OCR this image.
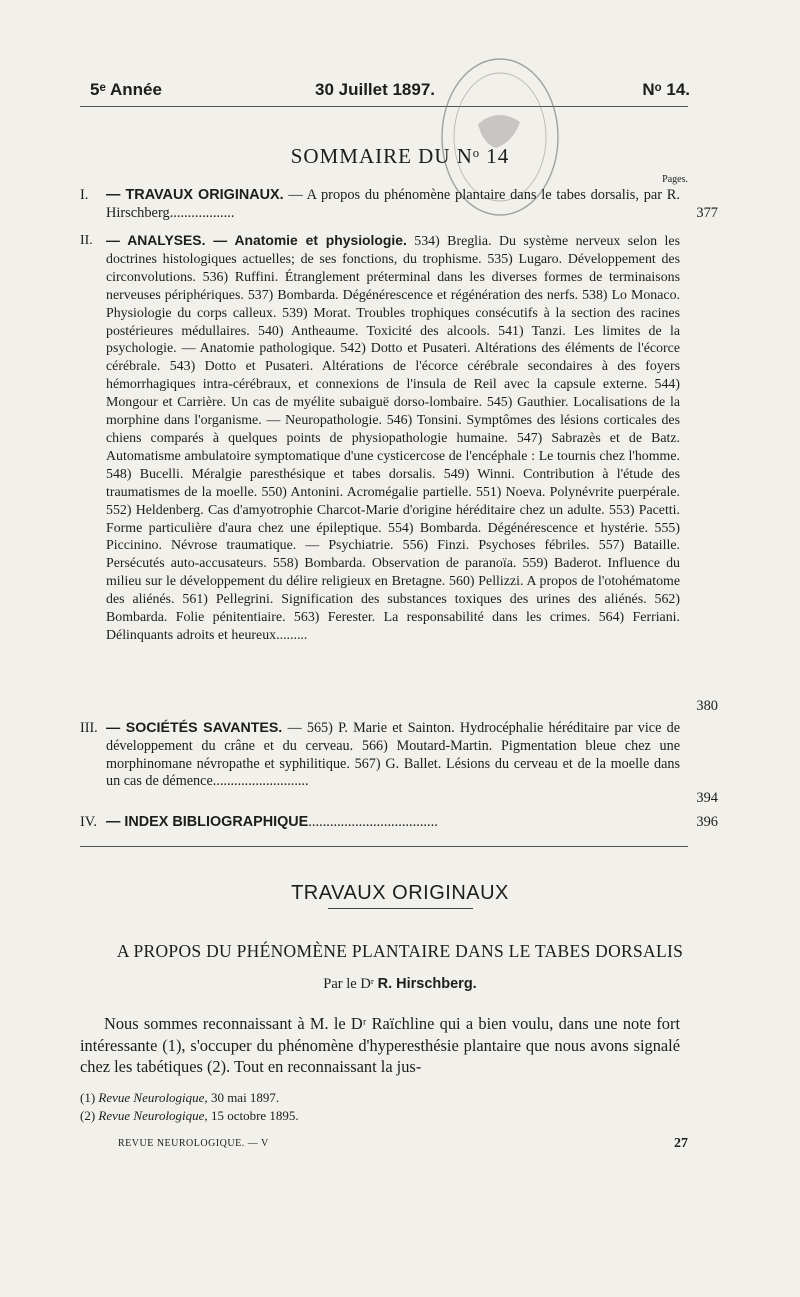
5ᵉ Année	30 Juillet 1897.	Nᵒ 14.
SOMMAIRE DU Nᵒ 14
Pages.
I.	— TRAVAUX ORIGINAUX. — A propos du phénomène plantaire dans le tabes dorsalis, par R. Hirschberg..................	377
II. — ANALYSES. — Anatomie et physiologie. 534) Breglia. Du système nerveux selon les doctrines histologiques actuelles; de ses fonctions, du trophisme. 535) Lugaro. Développement des circonvolutions. 536) Ruffini. Étranglement préterminal dans les diverses formes de terminaisons nerveuses périphériques. 537) Bombarda. Dégénérescence et régénération des nerfs. 538) Lo Monaco. Physiologie du corps calleux. 539) Morat. Troubles trophiques consécutifs à la section des racines postérieures médullaires. 540) Antheaume. Toxicité des alcools. 541) Tanzi. Les limites de la psychologie. — Anatomie pathologique. 542) Dotto et Pusateri. Altérations des éléments de l'écorce cérébrale. 543) Dotto et Pusateri. Altérations de l'écorce cérébrale secondaires à des foyers hémorrhagiques intra-cérébraux, et connexions de l'insula de Reil avec la capsule externe. 544) Mongour et Carrière. Un cas de myélite subaiguë dorso-lombaire. 545) Gauthier. Localisations de la morphine dans l'organisme. — Neuropathologie. 546) Tonsini. Symptômes des lésions corticales des chiens comparés à quelques points de physiopathologie humaine. 547) Sabrazès et de Batz. Automatisme ambulatoire symptomatique d'une cysticercose de l'encéphale : Le tournis chez l'homme. 548) Bucelli. Méralgie paresthésique et tabes dorsalis. 549) Winni. Contribution à l'étude des traumatismes de la moelle. 550) Antonini. Acromégalie partielle. 551) Noeva. Polynévrite puerpérale. 552) Heldenberg. Cas d'amyotrophie Charcot-Marie d'origine héréditaire chez un adulte. 553) Pacetti. Forme particulière d'aura chez une épileptique. 554) Bombarda. Dégénérescence et hystérie. 555) Piccinino. Névrose traumatique. — Psychiatrie. 556) Finzi. Psychoses fébriles. 557) Bataille. Persécutés auto-accusateurs. 558) Bombarda. Observation de paranoïa. 559) Baderot. Influence du milieu sur le développement du délire religieux en Bretagne. 560) Pellizzi. A propos de l'otohématome des aliénés. 561) Pellegrini. Signification des substances toxiques des urines des aliénés. 562) Bombarda. Folie pénitentiaire. 563) Ferester. La responsabilité dans les crimes. 564) Ferriani. Délinquants adroits et heureux.........
380
III. — SOCIÉTÉS SAVANTES. — 565) P. Marie et Sainton. Hydrocéphalie héréditaire par vice de développement du crâne et du cerveau. 566) Moutard-Martin. Pigmentation bleue chez une morphinomane névropathe et syphilitique. 567) G. Ballet. Lésions du cerveau et de la moelle dans un cas de démence...........................
394
IV. — INDEX BIBLIOGRAPHIQUE....................................	396
TRAVAUX ORIGINAUX
A PROPOS DU PHÉNOMÈNE PLANTAIRE DANS LE TABES DORSALIS
Par le Dʳ R. Hirschberg.
Nous sommes reconnaissant à M. le Dʳ Raïchline qui a bien voulu, dans une note fort intéressante (1), s'occuper du phénomène d'hyperesthésie plantaire que nous avons signalé chez les tabétiques (2). Tout en reconnaissant la jus-
(1) Revue Neurologique, 30 mai 1897.
(2) Revue Neurologique, 15 octobre 1895.
REVUE NEUROLOGIQUE. — V	27
